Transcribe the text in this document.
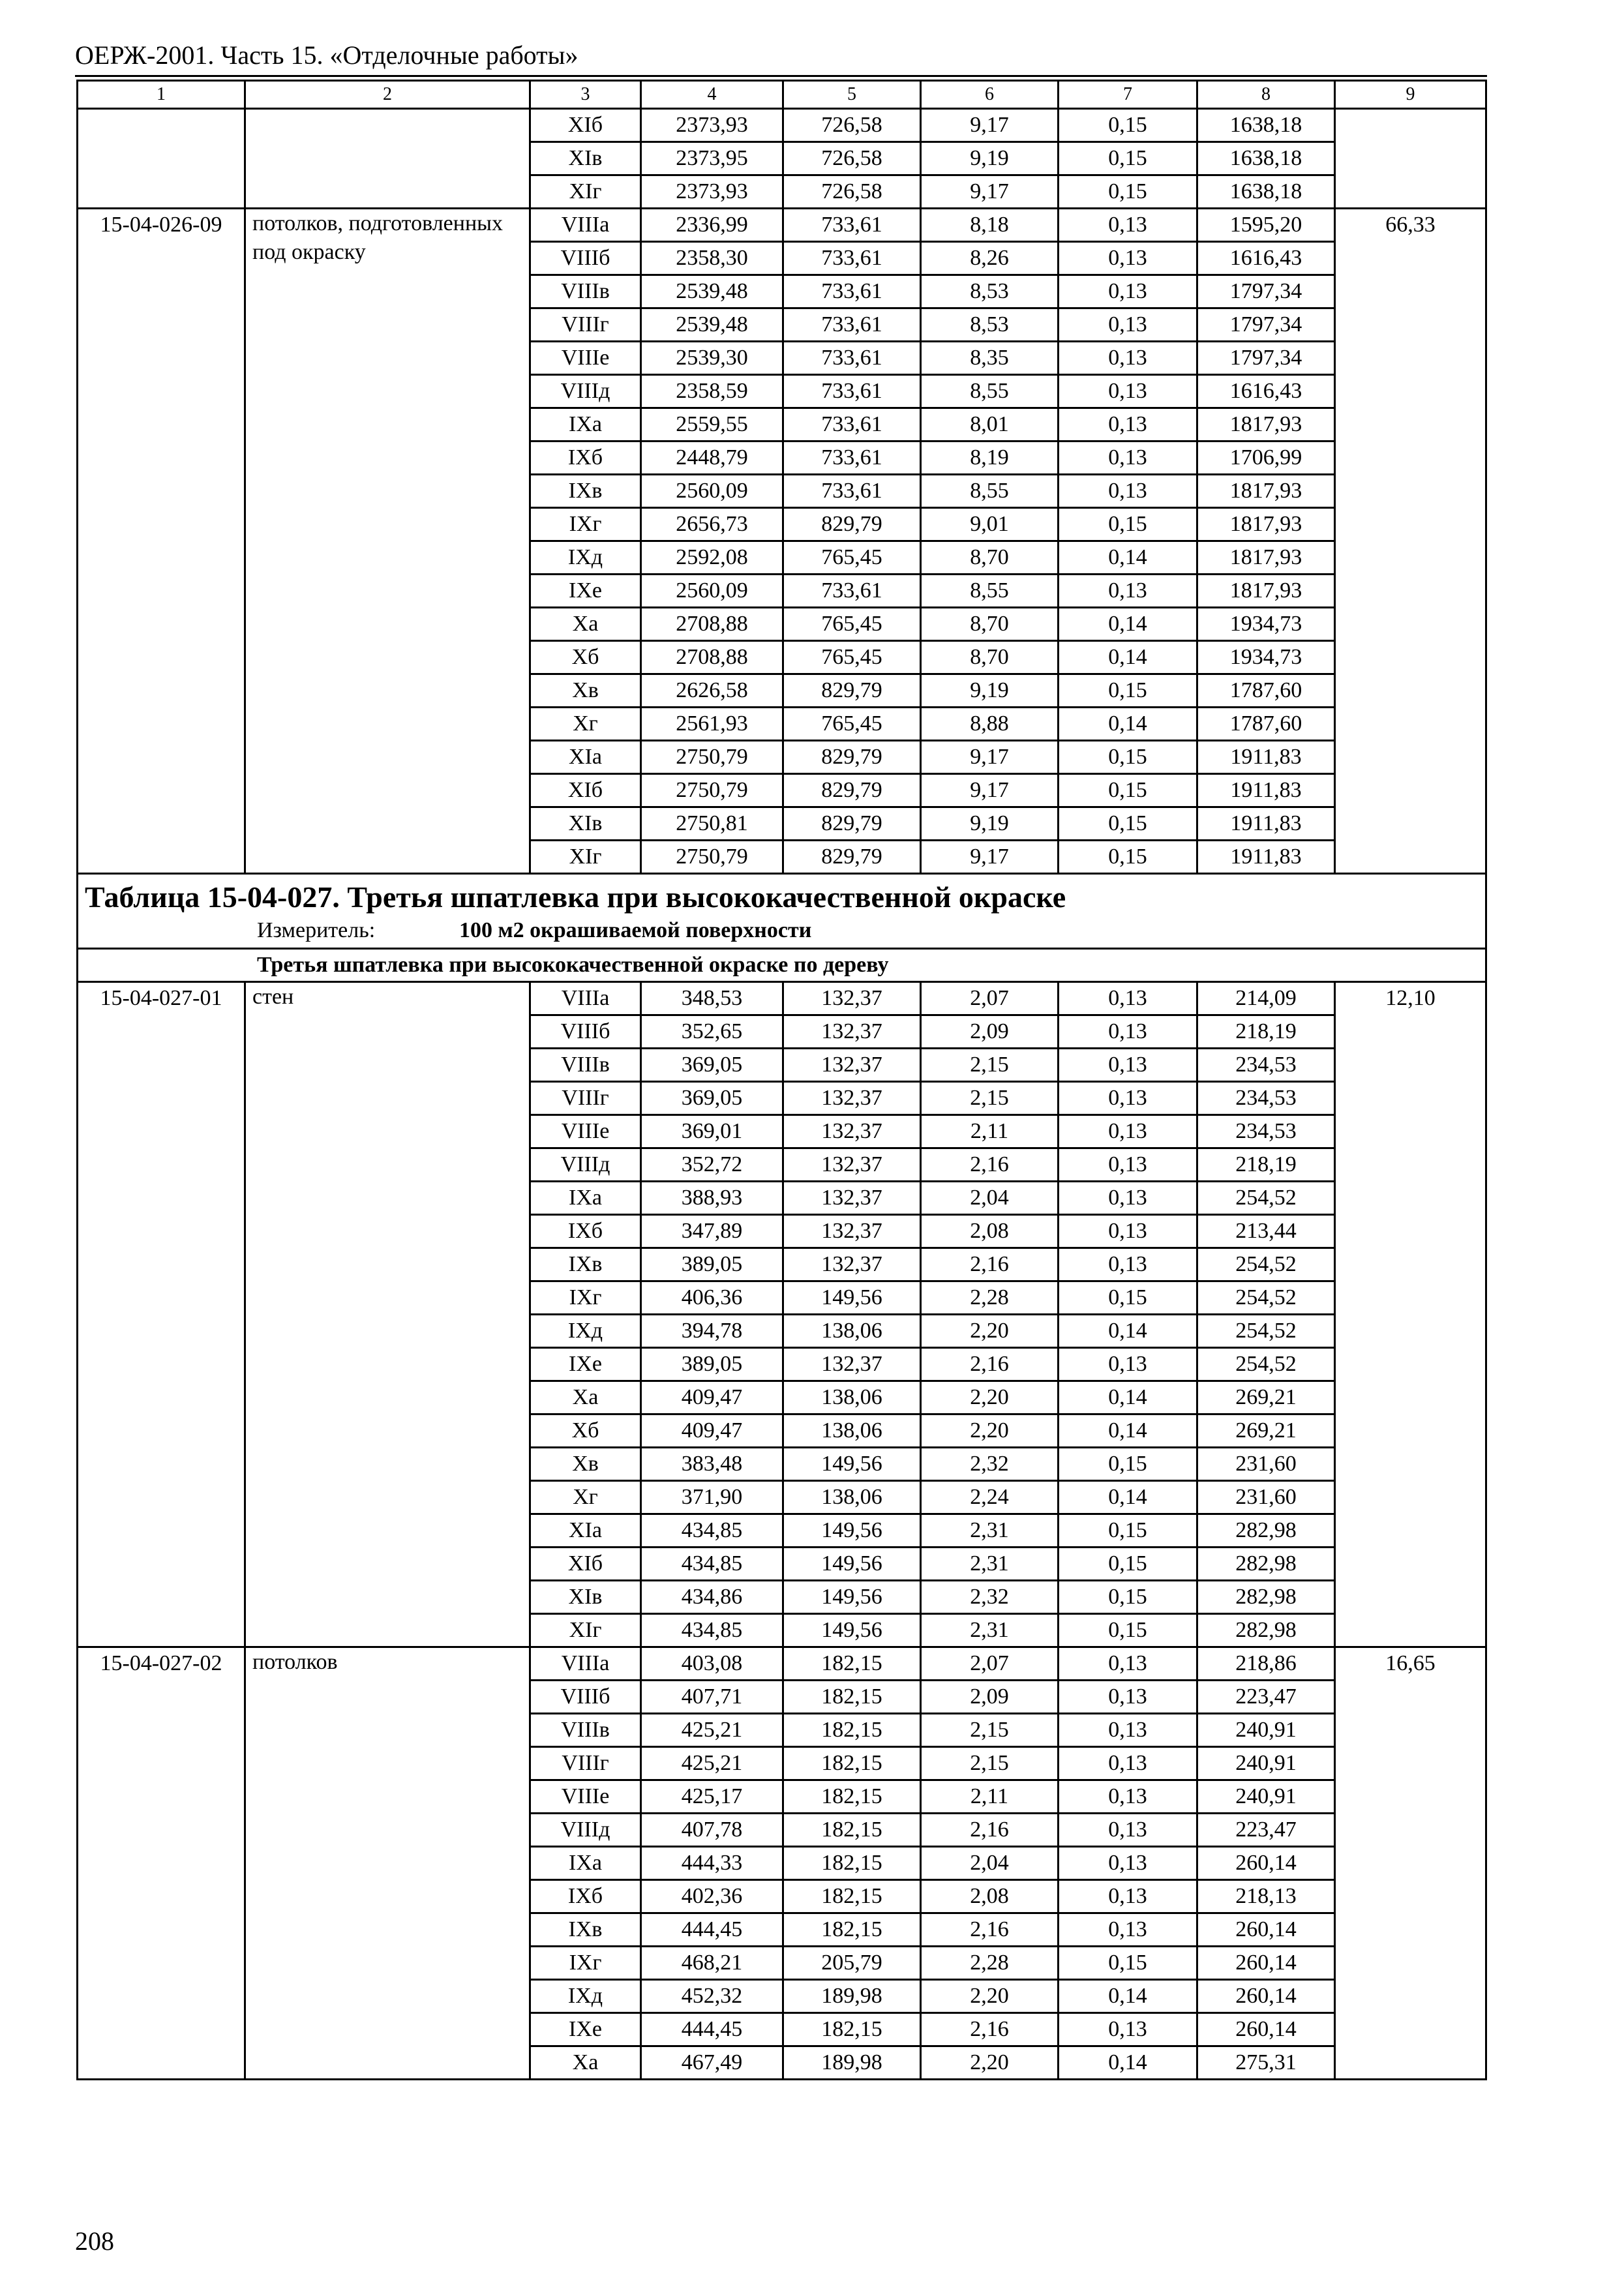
ОЕРЖ-2001. Часть 15. «Отделочные работы»
1	2	3	4	5	6	7	8	9
		XIб	2373,93	726,58	9,17	0,15	1638,18	
		XIв	2373,95	726,58	9,19	0,15	1638,18	
		XIг	2373,93	726,58	9,17	0,15	1638,18	
15-04-026-09	потолков, подготовленных под окраску	VIIIa	2336,99	733,61	8,18	0,13	1595,20	66,33
		VIIIб	2358,30	733,61	8,26	0,13	1616,43	
		VIIIв	2539,48	733,61	8,53	0,13	1797,34	
		VIIIг	2539,48	733,61	8,53	0,13	1797,34	
		VIIIe	2539,30	733,61	8,35	0,13	1797,34	
		VIIIд	2358,59	733,61	8,55	0,13	1616,43	
		IXa	2559,55	733,61	8,01	0,13	1817,93	
		IXб	2448,79	733,61	8,19	0,13	1706,99	
		IXв	2560,09	733,61	8,55	0,13	1817,93	
		IXг	2656,73	829,79	9,01	0,15	1817,93	
		IXд	2592,08	765,45	8,70	0,14	1817,93	
		IXe	2560,09	733,61	8,55	0,13	1817,93	
		Xa	2708,88	765,45	8,70	0,14	1934,73	
		Xб	2708,88	765,45	8,70	0,14	1934,73	
		Xв	2626,58	829,79	9,19	0,15	1787,60	
		Xг	2561,93	765,45	8,88	0,14	1787,60	
		XIa	2750,79	829,79	9,17	0,15	1911,83	
		XIб	2750,79	829,79	9,17	0,15	1911,83	
		XIв	2750,81	829,79	9,19	0,15	1911,83	
		XIг	2750,79	829,79	9,17	0,15	1911,83	

Таблица 15-04-027. Третья шпатлевка при высококачественной окраске
Измеритель: 100 м2 окрашиваемой поверхности								

Третья шпатлевка при высококачественной окраске по дереву								
15-04-027-01	стен	VIIIa	348,53	132,37	2,07	0,13	214,09	12,10
		VIIIб	352,65	132,37	2,09	0,13	218,19	
		VIIIв	369,05	132,37	2,15	0,13	234,53	
		VIIIг	369,05	132,37	2,15	0,13	234,53	
		VIIIe	369,01	132,37	2,11	0,13	234,53	
		VIIIд	352,72	132,37	2,16	0,13	218,19	
		IXa	388,93	132,37	2,04	0,13	254,52	
		IXб	347,89	132,37	2,08	0,13	213,44	
		IXв	389,05	132,37	2,16	0,13	254,52	
		IXг	406,36	149,56	2,28	0,15	254,52	
		IXд	394,78	138,06	2,20	0,14	254,52	
		IXe	389,05	132,37	2,16	0,13	254,52	
		Xa	409,47	138,06	2,20	0,14	269,21	
		Xб	409,47	138,06	2,20	0,14	269,21	
		Xв	383,48	149,56	2,32	0,15	231,60	
		Xг	371,90	138,06	2,24	0,14	231,60	
		XIa	434,85	149,56	2,31	0,15	282,98	
		XIб	434,85	149,56	2,31	0,15	282,98	
		XIв	434,86	149,56	2,32	0,15	282,98	
		XIг	434,85	149,56	2,31	0,15	282,98	
15-04-027-02	потолков	VIIIa	403,08	182,15	2,07	0,13	218,86	16,65
		VIIIб	407,71	182,15	2,09	0,13	223,47	
		VIIIв	425,21	182,15	2,15	0,13	240,91	
		VIIIг	425,21	182,15	2,15	0,13	240,91	
		VIIIe	425,17	182,15	2,11	0,13	240,91	
		VIIIд	407,78	182,15	2,16	0,13	223,47	
		IXa	444,33	182,15	2,04	0,13	260,14	
		IXб	402,36	182,15	2,08	0,13	218,13	
		IXв	444,45	182,15	2,16	0,13	260,14	
		IXг	468,21	205,79	2,28	0,15	260,14	
		IXд	452,32	189,98	2,20	0,14	260,14	
		IXe	444,45	182,15	2,16	0,13	260,14	
		Xa	467,49	189,98	2,20	0,14	275,31	
208
